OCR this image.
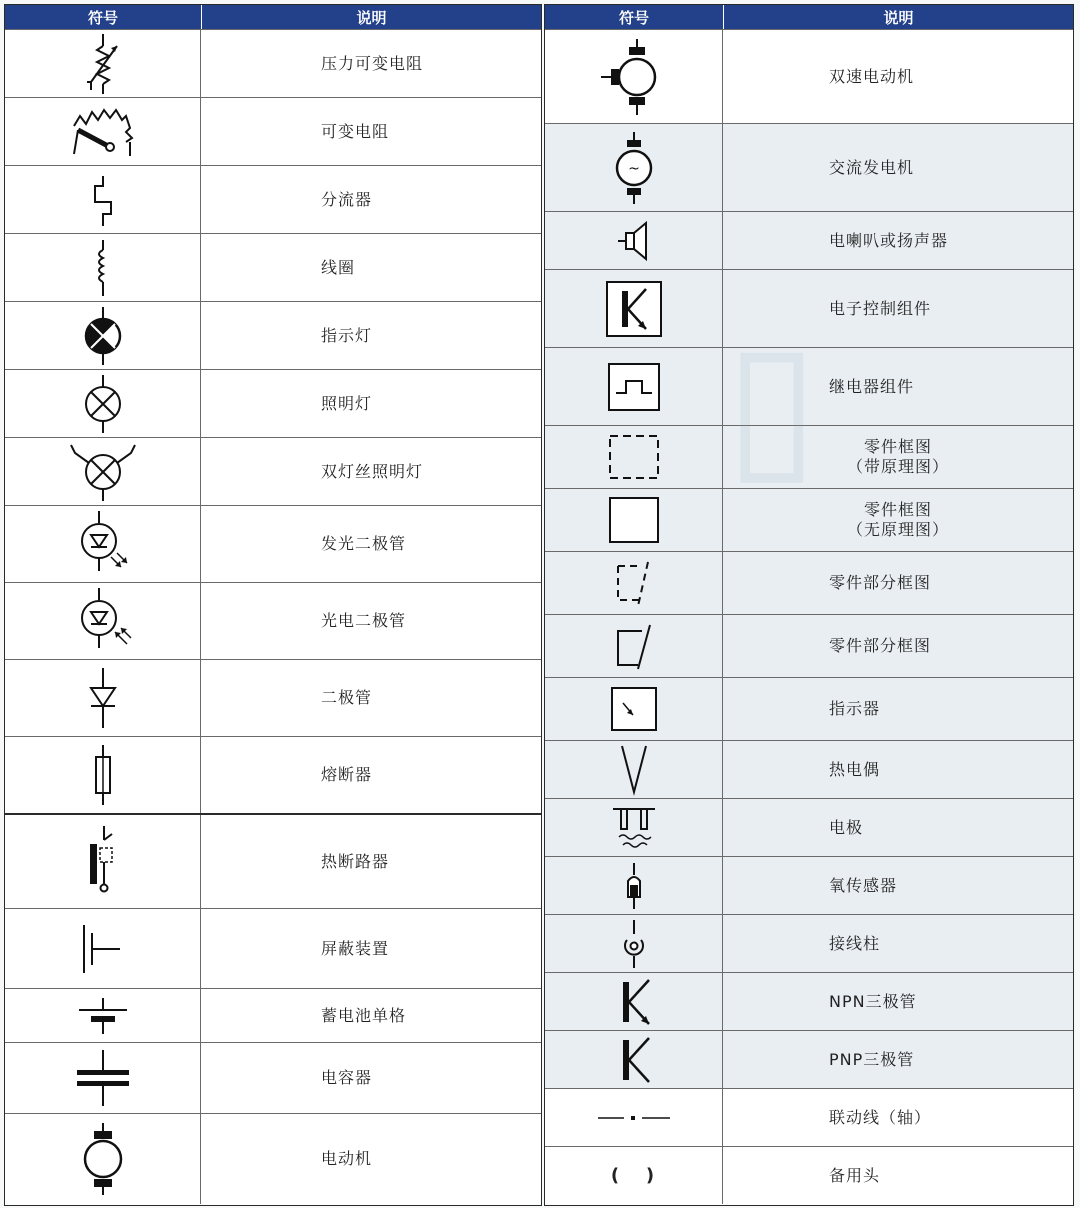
符号	说明
压力可变电阻
可变电阻
分流器
线圈
指示灯
照明灯
双灯丝照明灯
发光二极管
光电二极管
二极管
熔断器
热断路器
屏蔽装置
蓄电池单格
电容器
电动机
符号	说明
双速电动机
~	交流发电机
电喇叭或扬声器
电子控制组件
继电器组件
零件框图
（带原理图）
零件框图
（无原理图）
零件部分框图
零件部分框图
指示器
热电偶
电极
氧传感器
接线柱
NPN三极管
PNP三极管
联动线（轴）
(   )	备用头
